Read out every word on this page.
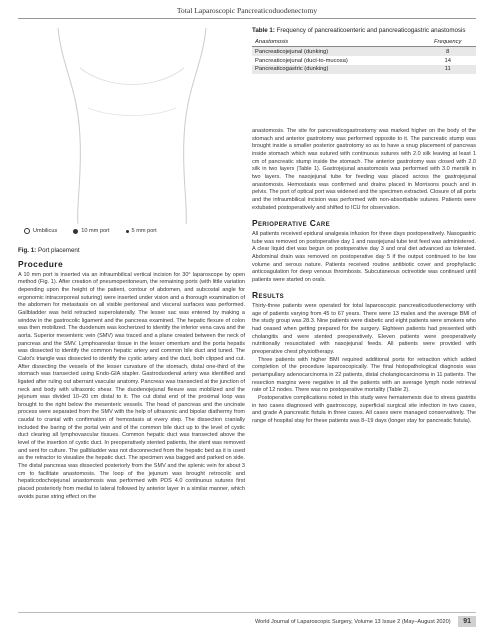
Total Laparoscopic Pancreaticoduodenectomy
Umbilicus	10 mm port	5 mm port
Fig. 1: Port placement
Table 1: Frequency of pancreaticoenteric and pancreaticogastric anastomosis
Anastomosis	Frequency
Pancreaticojejunal (dunking)	8
Pancreaticojejunal (duct-to-mucosa)	14
Pancreaticogastric (dunking)	11
Procedure

A 10 mm port is inserted via an infraumbilical vertical incision for 30° laparoscope by open method (Fig. 1). After creation of pneumoperitoneum, the remaining ports (with little variation depending upon the height of the patient, contour of abdomen, and subcostal angle for ergonomic intracorporeal suturing) were inserted under vision and a thorough examination of the abdomen for metastasis on all visible peritoneal and visceral surfaces was performed. Gallbladder was held retracted superolaterally. The lesser sac was entered by making a window in the gastrocolic ligament and the pancreas examined. The hepatic flexure of colon was then mobilized. The duodenum was kocherized to identify the inferior vena cava and the aorta. Superior mesenteric vein (SMV) was traced and a plane created between the neck of pancreas and the SMV. Lymphoareolar tissue in the lesser omentum and the porta hepatis was dissected to identify the common hepatic artery and common bile duct and tuned. The Calot's triangle was dissected to identify the cystic artery and the duct, both clipped and cut. After dissecting the vessels of the lesser curvature of the stomach, distal one-third of the stomach was transected using Endo-GIA stapler. Gastroduodenal artery was identified and ligated after ruling out aberrant vascular anatomy. Pancreas was transected at the junction of neck and body with ultrasonic shear. The duodenojejunal flexure was mobilized and the jejunum was divided 10–20 cm distal to it. The cut distal end of the proximal loop was brought to the right below the mesenteric vessels. The head of pancreas and the uncinate process were separated from the SMV with the help of ultrasonic and bipolar diathermy from caudal to cranial with confirmation of hemostasis at every step. The dissection cranially included the baring of the portal vein and of the common bile duct up to the level of cystic duct clearing all lymphovascular tissues. Common hepatic duct was transected above the level of the insertion of cystic duct. In preoperatively stented patients, the stent was removed and sent for culture. The gallbladder was not disconnected from the hepatic bed as it is used as the retractor to visualize the hepatic duct. The specimen was bagged and parked on side. The distal pancreas was dissected posteriorly from the SMV and the splenic vein for about 3 cm to facilitate anastomosis. The loop of the jejunum was brought retrocolic and hepaticodochojejunal anastomosis was performed with PDS 4.0 continuous sutures first placed posteriorly from medial to lateral followed by anterior layer in a similar manner, which avoids purse string effect on the

anastomosis. The site for pancreaticogastrostomy was marked higher on the body of the stomach and anterior gastrotomy was performed opposite to it. The pancreatic stump was brought inside a smaller posterior gastrotomy so as to have a snug placement of pancreas inside stomach which was sutured with continuous sutures with 2.0 silk leaving at least 1 cm of pancreatic stump inside the stomach. The anterior gastrotomy was closed with 2.0 silk in two layers (Table 1). Gastrojejunal anastomosis was performed with 3.0 mersilk in two layers. The nasojejunal tube for feeding was placed across the gastrojejunal anastomosis. Hemostasis was confirmed and drains placed in Morrisons pouch and in pelvis. The port of optical port was widened and the specimen extracted. Closure of all ports and the infraumbilical incision was performed with non-absorbable sutures. Patients were extubated postoperatively and shifted to ICU for observation.

Perioperative Care

All patients received epidural analgesia infusion for three days postoperatively. Nasogastric tube was removed on postoperative day 1 and nasojejunal tube test feed was administered. A clear liquid diet was begun on postoperative day 3 and oral diet advanced as tolerated. Abdominal drain was removed on postoperative day 5 if the output continued to be low volume and serous nature. Patients received routine antibiotic cover and prophylactic anticoagulation for deep venous thrombosis. Subcutaneous octreotide was continued until patients were started on orals.

Results

Thirty-three patients were operated for total laparoscopic pancreaticoduodenectomy with age of patients varying from 45 to 67 years. There were 13 males and the average BMI of the study group was 28.3. Nine patients were diabetic and eight patients were smokers who had ceased when getting prepared for the surgery. Eighteen patients had presented with cholangitis and were stented preoperatively. Eleven patients were preoperatively nutritionally resuscitated with nasojejunal feeds. All patients were provided with preoperative chest physiotherapy.

Three patients with higher BMI required additional ports for retraction which added completion of the procedure laparoscopically. The final histopathological diagnosis was periampullary adenocarcinoma in 22 patients, distal cholangiocarcinoma in 11 patients. The resection margins were negative in all the patients with an average lymph node retrieval rate of 12 nodes. There was no postoperative mortality (Table 2).

Postoperative complications noted in this study were hematemesis due to stress gastritis in two cases diagnosed with gastroscopy, superficial surgical site infection in two cases, and grade A pancreatic fistula in three cases. All cases were managed conservatively. The range of hospital stay for these patients was 8–19 days (longer stay for pancreatic fistula).

World Journal of Laparoscopic Surgery, Volume 13 Issue 2 (May–August 2020) 91
